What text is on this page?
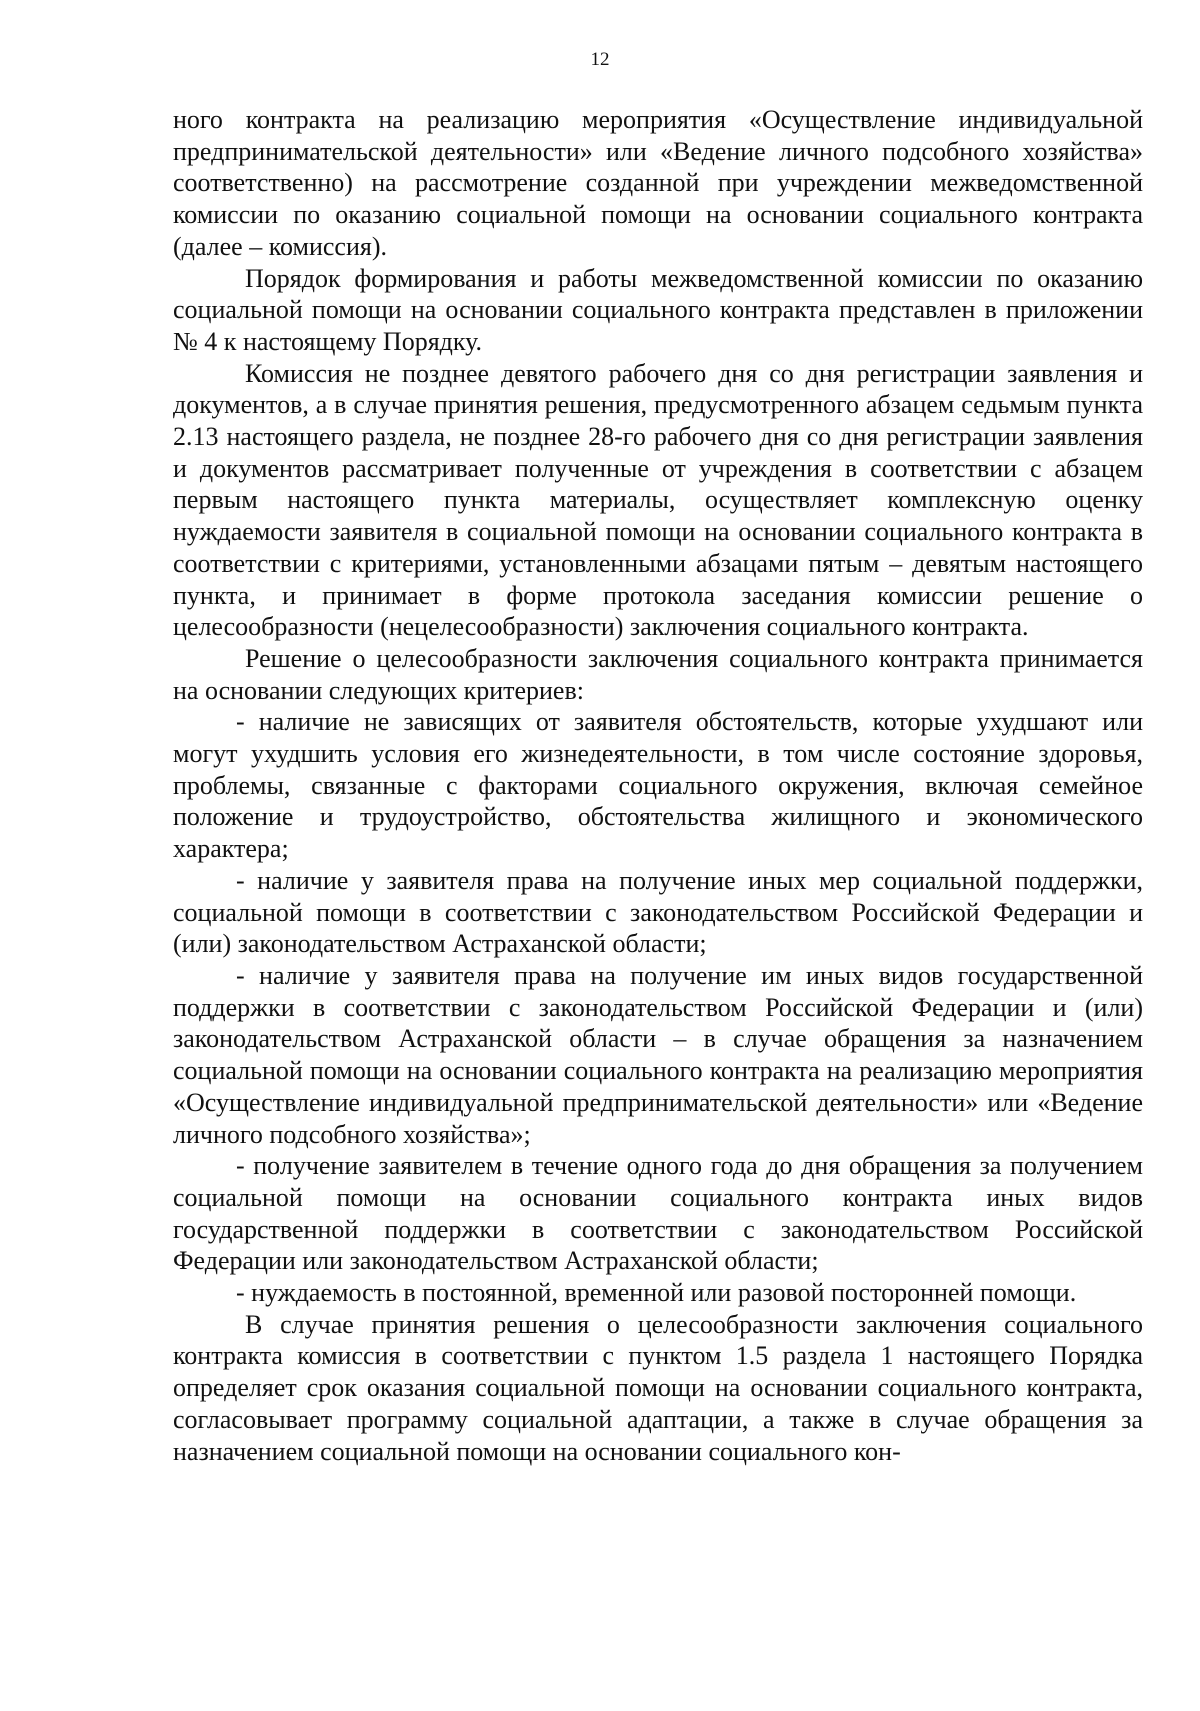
12

ного контракта на реализацию мероприятия «Осуществление индивидуальной предпринимательской деятельности» или «Ведение личного подсобного хозяйства» соответственно) на рассмотрение созданной при учреждении межведомственной комиссии по оказанию социальной помощи на основании социального контракта (далее – комиссия).

Порядок формирования и работы межведомственной комиссии по оказанию социальной помощи на основании социального контракта представлен в приложении № 4 к настоящему Порядку.

Комиссия не позднее девятого рабочего дня со дня регистрации заявления и документов, а в случае принятия решения, предусмотренного абзацем седьмым пункта 2.13 настоящего раздела, не позднее 28-го рабочего дня со дня регистрации заявления и документов рассматривает полученные от учреждения в соответствии с абзацем первым настоящего пункта материалы, осуществляет комплексную оценку нуждаемости заявителя в социальной помощи на основании социального контракта в соответствии с критериями, установленными абзацами пятым – девятым настоящего пункта, и принимает в форме протокола заседания комиссии решение о целесообразности (нецелесообразности) заключения социального контракта.

Решение о целесообразности заключения социального контракта принимается на основании следующих критериев:

- наличие не зависящих от заявителя обстоятельств, которые ухудшают или могут ухудшить условия его жизнедеятельности, в том числе состояние здоровья, проблемы, связанные с факторами социального окружения, включая семейное положение и трудоустройство, обстоятельства жилищного и экономического характера;

- наличие у заявителя права на получение иных мер социальной поддержки, социальной помощи в соответствии с законодательством Российской Федерации и (или) законодательством Астраханской области;

- наличие у заявителя права на получение им иных видов государственной поддержки в соответствии с законодательством Российской Федерации и (или) законодательством Астраханской области – в случае обращения за назначением социальной помощи на основании социального контракта на реализацию мероприятия «Осуществление индивидуальной предпринимательской деятельности» или «Ведение личного подсобного хозяйства»;

- получение заявителем в течение одного года до дня обращения за получением социальной помощи на основании социального контракта иных видов государственной поддержки в соответствии с законодательством Российской Федерации или законодательством Астраханской области;

- нуждаемость в постоянной, временной или разовой посторонней помощи.

В случае принятия решения о целесообразности заключения социального контракта комиссия в соответствии с пунктом 1.5 раздела 1 настоящего Порядка определяет срок оказания социальной помощи на основании социального контракта, согласовывает программу социальной адаптации, а также в случае обращения за назначением социальной помощи на основании социального кон-
